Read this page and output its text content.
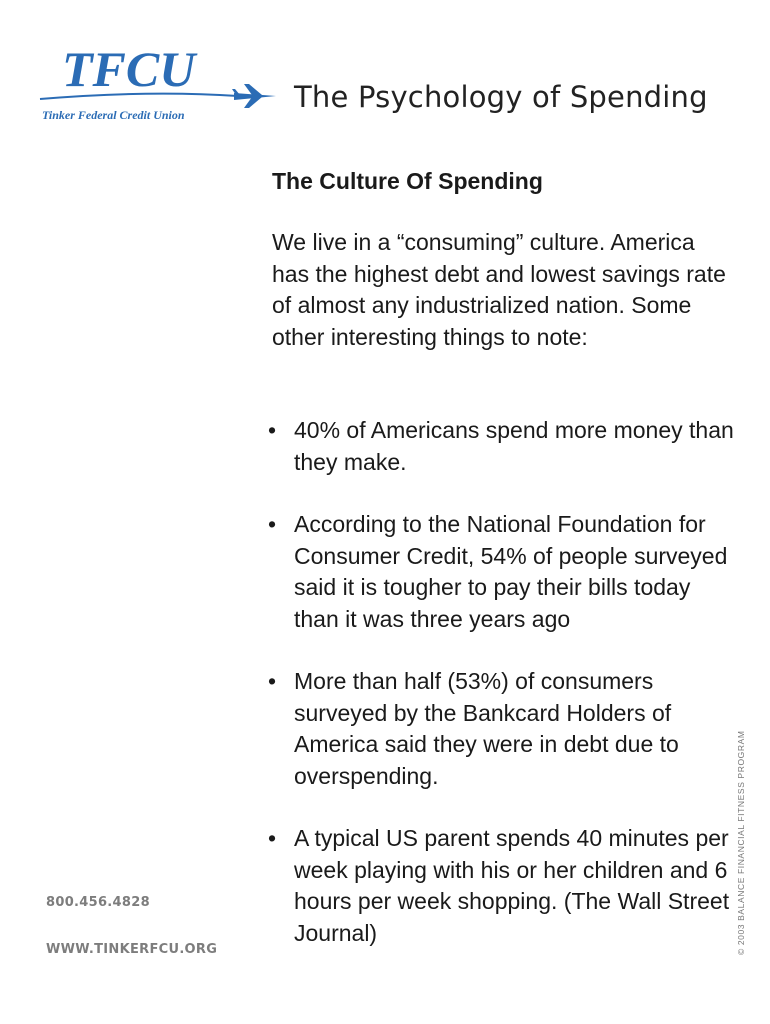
TFCU
Tinker Federal Credit Union
The Psychology of Spending
The Culture Of Spending

We live in a “consuming” culture. America has the highest debt and lowest savings rate of almost any industrialized nation. Some other interesting things to note:

• 40% of Americans spend more money than they make.
• According to the National Foundation for Consumer Credit, 54% of people surveyed said it is tougher to pay their bills today than it was three years ago
• More than half (53%) of consumers surveyed by the Bankcard Holders of America said they were in debt due to overspending.
• A typical US parent spends 40 minutes per week playing with his or her children and 6 hours per week shopping. (The Wall Street Journal)
800.456.4828
WWW.TINKERFCU.ORG	© 2003 BALANCE FINANCIAL FITNESS PROGRAM
